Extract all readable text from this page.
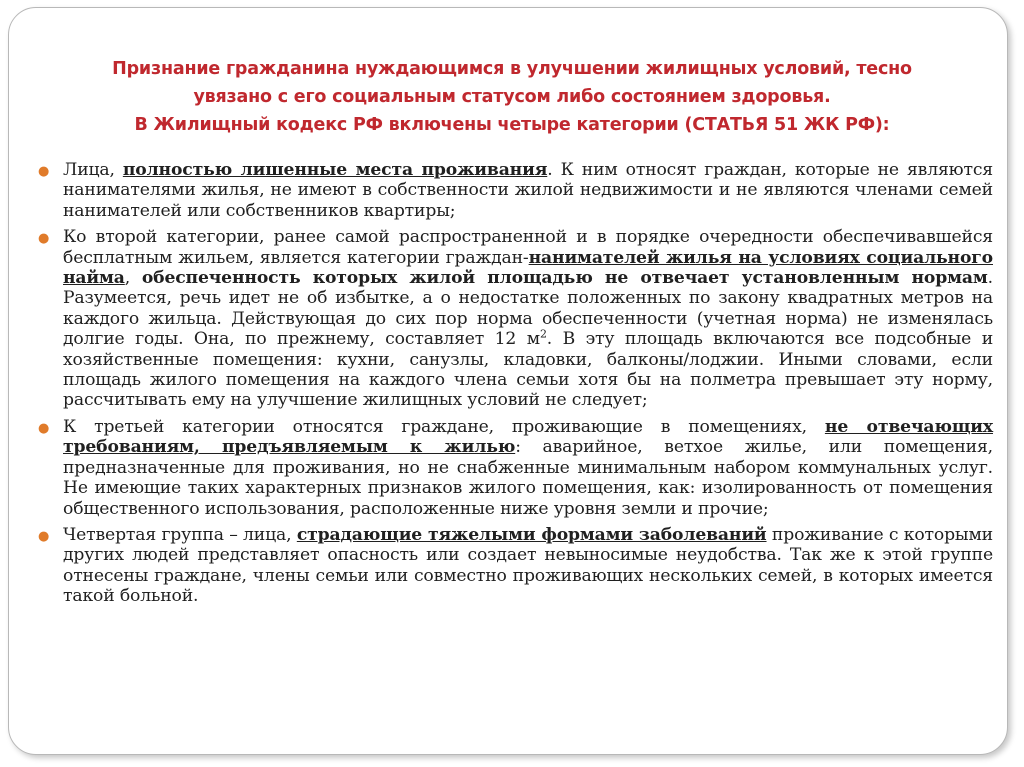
Признание гражданина нуждающимся в улучшении жилищных условий, тесно
увязано с его социальным статусом либо состоянием здоровья.
В Жилищный кодекс РФ включены четыре категории (СТАТЬЯ 51 ЖК РФ):
● Лица, полностью лишенные места проживания. К ним относят граждан, которые не являются нанимателями жилья, не имеют в собственности жилой недвижимости и не являются членами семей нанимателей или собственников квартиры;
● Ко второй категории, ранее самой распространенной и в порядке очередности обеспечивавшейся бесплатным жильем, является категории граждан-нанимателей жилья на условиях социального найма, обеспеченность которых жилой площадью не отвечает установленным нормам. Разумеется, речь идет не об избытке, а о недостатке положенных по закону квадратных метров на каждого жильца. Действующая до сих пор норма обеспеченности (учетная норма) не изменялась долгие годы. Она, по прежнему, составляет 12 $м^2$. В эту площадь включаются все подсобные и хозяйственные помещения: кухни, санузлы, кладовки, балконы/лоджии. Иными словами, если площадь жилого помещения на каждого члена семьи хотя бы на полметра превышает эту норму, рассчитывать ему на улучшение жилищных условий не следует;
● К третьей категории относятся граждане, проживающие в помещениях, не отвечающих требованиям, предъявляемым к жилью: аварийное, ветхое жилье, или помещения, предназначенные для проживания, но не снабженные минимальным набором коммунальных услуг. Не имеющие таких характерных признаков жилого помещения, как: изолированность от помещения общественного использования, расположенные ниже уровня земли и прочие;
● Четвертая группа – лица, страдающие тяжелыми формами заболеваний проживание с которыми других людей представляет опасность или создает невыносимые неудобства. Так же к этой группе отнесены граждане, члены семьи или совместно проживающих нескольких семей, в которых имеется такой больной.
